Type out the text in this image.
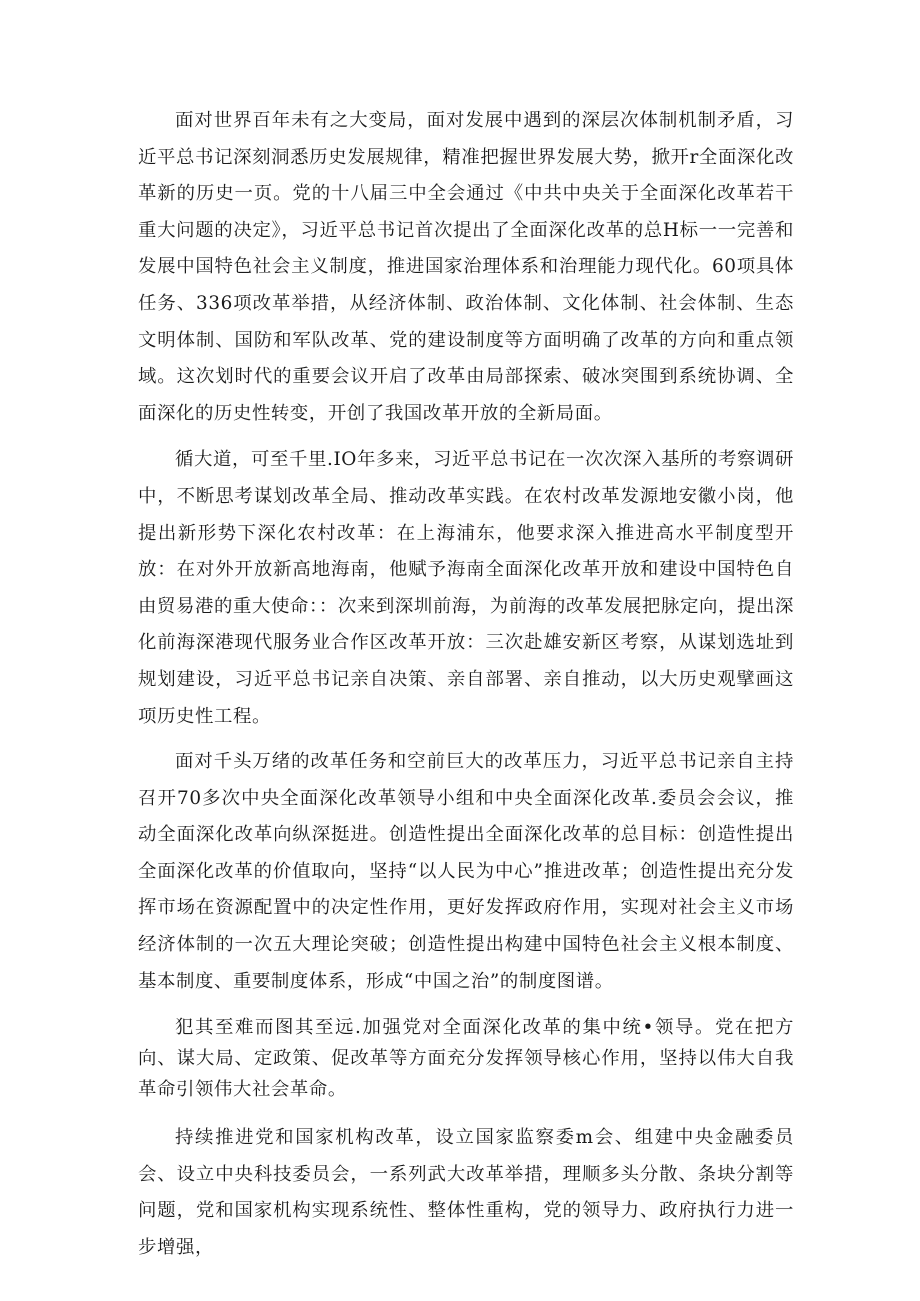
面对世界百年未有之大变局，面对发展中遇到的深层次体制机制矛盾，习近平总书记深刻洞悉历史发展规律，精准把握世界发展大势，掀开r全面深化改革新的历史一页。党的十八届三中全会通过《中共中央关于全面深化改革若干重大问题的决定》，习近平总书记首次提出了全面深化改革的总H标一一完善和发展中国特色社会主义制度，推进国家治理体系和治理能力现代化。60项具体任务、336项改革举措，从经济体制、政治体制、文化体制、社会体制、生态文明体制、国防和军队改革、党的建设制度等方面明确了改革的方向和重点领域。这次划时代的重要会议开启了改革由局部探索、破冰突围到系统协调、全面深化的历史性转变，开创了我国改革开放的全新局面。

循大道，可至千里.IO年多来，习近平总书记在一次次深入基所的考察调研中，不断思考谋划改革全局、推动改革实践。在农村改革发源地安徽小岗，他提出新形势下深化农村改革：在上海浦东，他要求深入推进高水平制度型开放：在对外开放新高地海南，他赋予海南全面深化改革开放和建设中国特色自由贸易港的重大使命：：次来到深圳前海，为前海的改革发展把脉定向，提出深化前海深港现代服务业合作区改革开放：三次赴雄安新区考察，从谋划选址到规划建设，习近平总书记亲自决策、亲自部署、亲自推动，以大历史观擘画这项历史性工程。

面对千头万绪的改革任务和空前巨大的改革压力，习近平总书记亲自主持召开70多次中央全面深化改革领导小组和中央全面深化改革.委员会会议，推动全面深化改革向纵深挺进。创造性提出全面深化改革的总目标：创造性提出全面深化改革的价值取向，坚持“以人民为中心”推进改革；创造性提出充分发挥市场在资源配置中的决定性作用，更好发挥政府作用，实现对社会主义市场经济体制的一次五大理论突破；创造性提出构建中国特色社会主义根本制度、基本制度、重要制度体系，形成“中国之治”的制度图谱。

犯其至难而图其至远.加强党对全面深化改革的集中统•领导。党在把方向、谋大局、定政策、促改革等方面充分发挥领导核心作用，坚持以伟大自我革命引领伟大社会革命。

持续推进党和国家机构改革，设立国家监察委m会、组建中央金融委员会、设立中央科技委员会，一系列武大改革举措，理顺多头分散、条块分割等问题，党和国家机构实现系统性、整体性重构，党的领导力、政府执行力进一步增强，
